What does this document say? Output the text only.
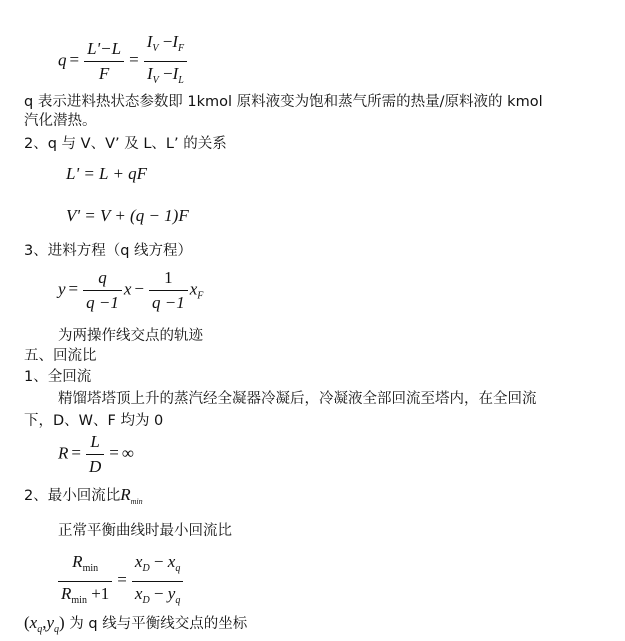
$q = \frac{L'-L}{F} = \frac{I_V -I_F}{I_V -I_L}$
q 表示进料热状态参数即 1kmol 原料液变为饱和蒸气所需的热量/原料液的 kmol
汽化潜热。
2、q 与 V、V’ 及 L、L’ 的关系
L' = L + qF
V' = V + (q − 1)F
3、进料方程（q 线方程）
$y = \frac{q}{q -1}$ $x - \frac{1}{q -1} x_F$
为两操作线交点的轨迹
五、回流比
1、全回流
精馏塔塔顶上升的蒸汽经全凝器冷凝后，冷凝液全部回流至塔内，在全回流
下，D、W、F 均为 0
$R = \frac{L}{D}$ = ∞
2、最小回流比$R_{min}$
正常平衡曲线时最小回流比
$\frac{R_{min}}{R_{min} +1} = \frac{x_D - x_q}{x_D - y_q}$
$(x_q,y_q)$ 为 q 线与平衡线交点的坐标
